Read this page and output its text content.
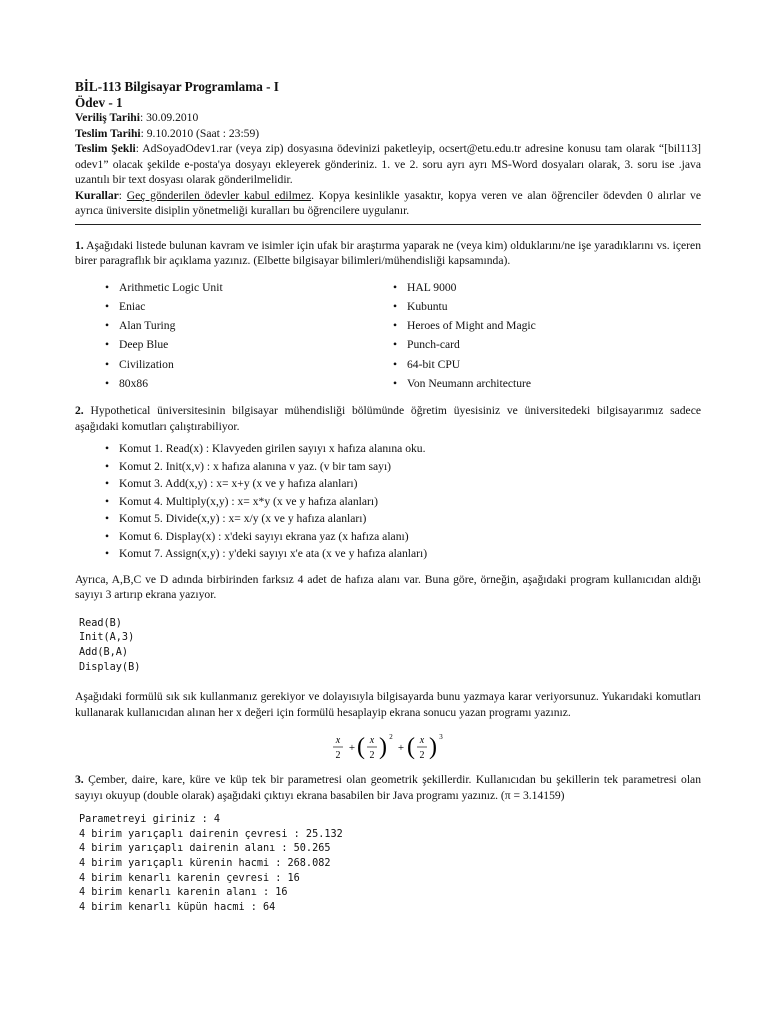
BİL-113 Bilgisayar Programlama - I
Ödev - 1

Veriliş Tarihi: 30.09.2010

Teslim Tarihi: 9.10.2010 (Saat : 23:59)

Teslim Şekli: AdSoyadOdev1.rar (veya zip) dosyasına ödevinizi paketleyip, ocsert@etu.edu.tr adresine konusu tam olarak “[bil113] odev1” olacak şekilde e-posta'ya dosyayı ekleyerek gönderiniz. 1. ve 2. soru ayrı ayrı MS-Word dosyaları olarak, 3. soru ise .java uzantılı bir text dosyası olarak gönderilmelidir.

Kurallar: Geç gönderilen ödevler kabul edilmez. Kopya kesinlikle yasaktır, kopya veren ve alan öğrenciler ödevden 0 alırlar ve ayrıca üniversite disiplin yönetmeliği kuralları bu öğrencilere uygulanır.

1. Aşağıdaki listede bulunan kavram ve isimler için ufak bir araştırma yaparak ne (veya kim) olduklarını/ne işe yaradıklarını vs. içeren birer paragraflık bir açıklama yazınız. (Elbette bilgisayar bilimleri/mühendisliği kapsamında).

• Arithmetic Logic Unit
• Eniac
• Alan Turing
• Deep Blue
• Civilization
• 80x86
• HAL 9000
• Kubuntu
• Heroes of Might and Magic
• Punch-card
• 64-bit CPU
• Von Neumann architecture

2. Hypothetical üniversitesinin bilgisayar mühendisliği bölümünde öğretim üyesisiniz ve üniversitedeki bilgisayarımız sadece aşağıdaki komutları çalıştırabiliyor.

• Komut 1. Read(x) : Klavyeden girilen sayıyı x hafıza alanına oku.
• Komut 2. Init(x,v) : x hafıza alanına v yaz. (v bir tam sayı)
• Komut 3. Add(x,y) : x= x+y (x ve y hafıza alanları)
• Komut 4. Multiply(x,y) : x= x*y (x ve y hafıza alanları)
• Komut 5. Divide(x,y) : x= x/y (x ve y hafıza alanları)
• Komut 6. Display(x) : x'deki sayıyı ekrana yaz (x hafıza alanı)
• Komut 7. Assign(x,y) : y'deki sayıyı x'e ata (x ve y hafıza alanları)

Ayrıca, A,B,C ve D adında birbirinden farksız 4 adet de hafıza alanı var. Buna göre, örneğin, aşağıdaki program kullanıcıdan aldığı sayıyı 3 artırıp ekrana yazıyor.

Read(B)
Init(A,3)
Add(B,A)
Display(B)

Aşağıdaki formülü sık sık kullanmanız gerekiyor ve dolayısıyla bilgisayarda bunu yazmaya karar veriyorsunuz. Yukarıdaki komutları kullanarak kullanıcıdan alınan her x değeri için formülü hesaplayip ekrana sonucu yazan programı yazınız.

x
2
+ ( x
2 ) 2
+ ( x
2 ) 3

3. Çember, daire, kare, küre ve küp tek bir parametresi olan geometrik şekillerdir. Kullanıcıdan bu şekillerin tek parametresi olan sayıyı okuyup (double olarak) aşağıdaki çıktıyı ekrana basabilen bir Java programı yazınız. (π = 3.14159)

Parametreyi giriniz : 4
4 birim yarıçaplı dairenin çevresi : 25.132
4 birim yarıçaplı dairenin alanı : 50.265
4 birim yarıçaplı kürenin hacmi : 268.082
4 birim kenarlı karenin çevresi : 16
4 birim kenarlı karenin alanı : 16
4 birim kenarlı küpün hacmi : 64
